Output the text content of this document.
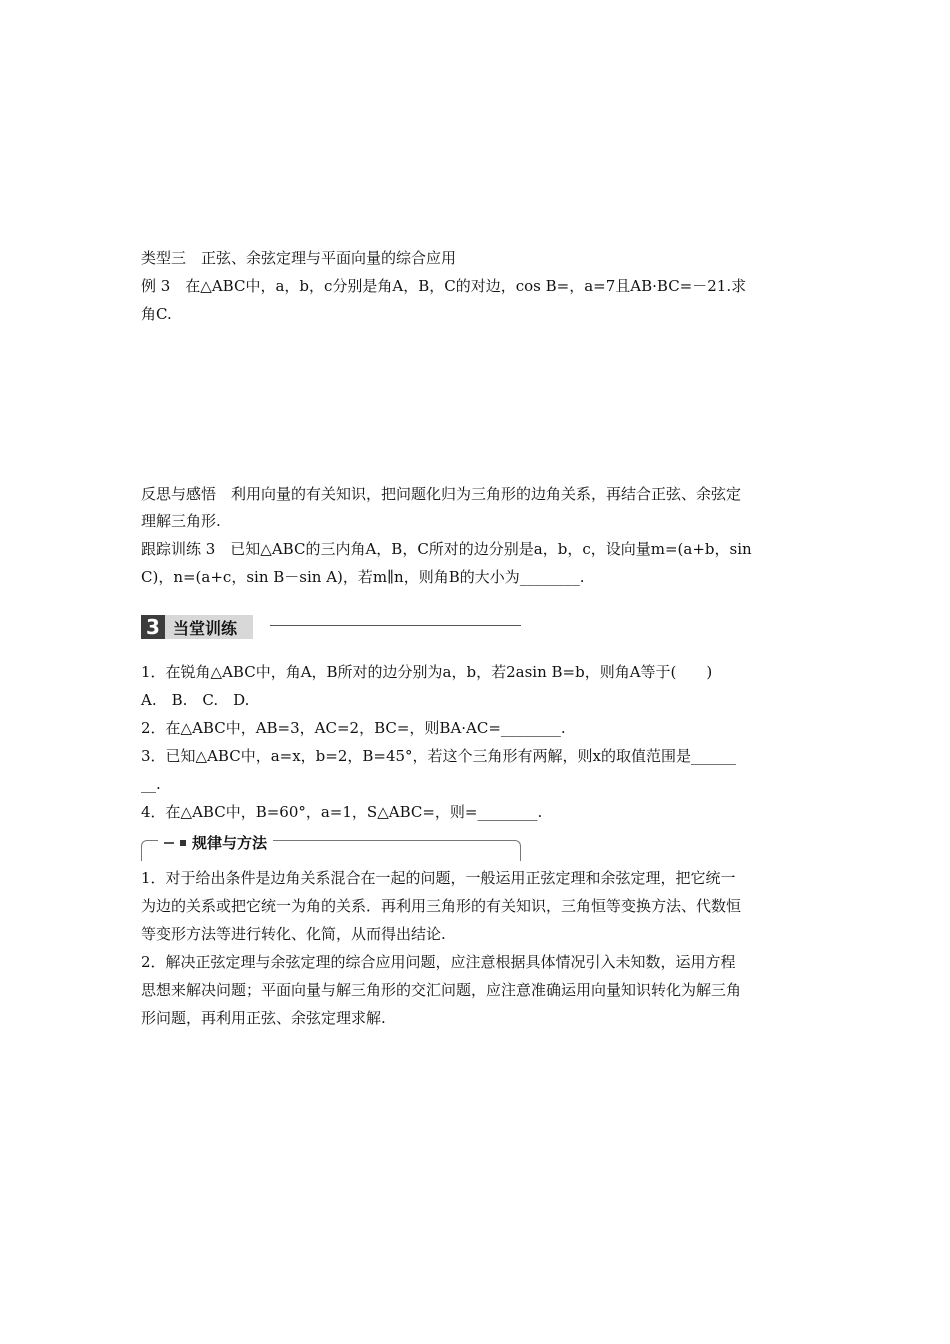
类型三　正弦、余弦定理与平面向量的综合应用
例 3　在△ABC中，a，b，c分别是角A，B，C的对边，cos B=，a=7且AB·BC=－21.求
角C.
反思与感悟　利用向量的有关知识，把问题化归为三角形的边角关系，再结合正弦、余弦定
理解三角形.
跟踪训练 3　已知△ABC的三内角A，B，C所对的边分别是a，b，c，设向量m=(a+b，sin
C)，n=(a+c，sin B－sin A)，若m∥n，则角B的大小为________.
3 当堂训练
1．在锐角△ABC中，角A，B所对的边分别为a，b，若2asin B=b，则角A等于(　　)
A.　B.　C.　D.
2．在△ABC中，AB=3，AC=2，BC=，则BA·AC=________.
3．已知△ABC中，a=x，b=2，B=45°，若这个三角形有两解，则x的取值范围是______
__.
4．在△ABC中，B=60°，a=1，S△ABC=，则=________.
规律与方法
1．对于给出条件是边角关系混合在一起的问题，一般运用正弦定理和余弦定理，把它统一
为边的关系或把它统一为角的关系．再利用三角形的有关知识，三角恒等变换方法、代数恒
等变形方法等进行转化、化简，从而得出结论.
2．解决正弦定理与余弦定理的综合应用问题，应注意根据具体情况引入未知数，运用方程
思想来解决问题；平面向量与解三角形的交汇问题，应注意准确运用向量知识转化为解三角
形问题，再利用正弦、余弦定理求解.
